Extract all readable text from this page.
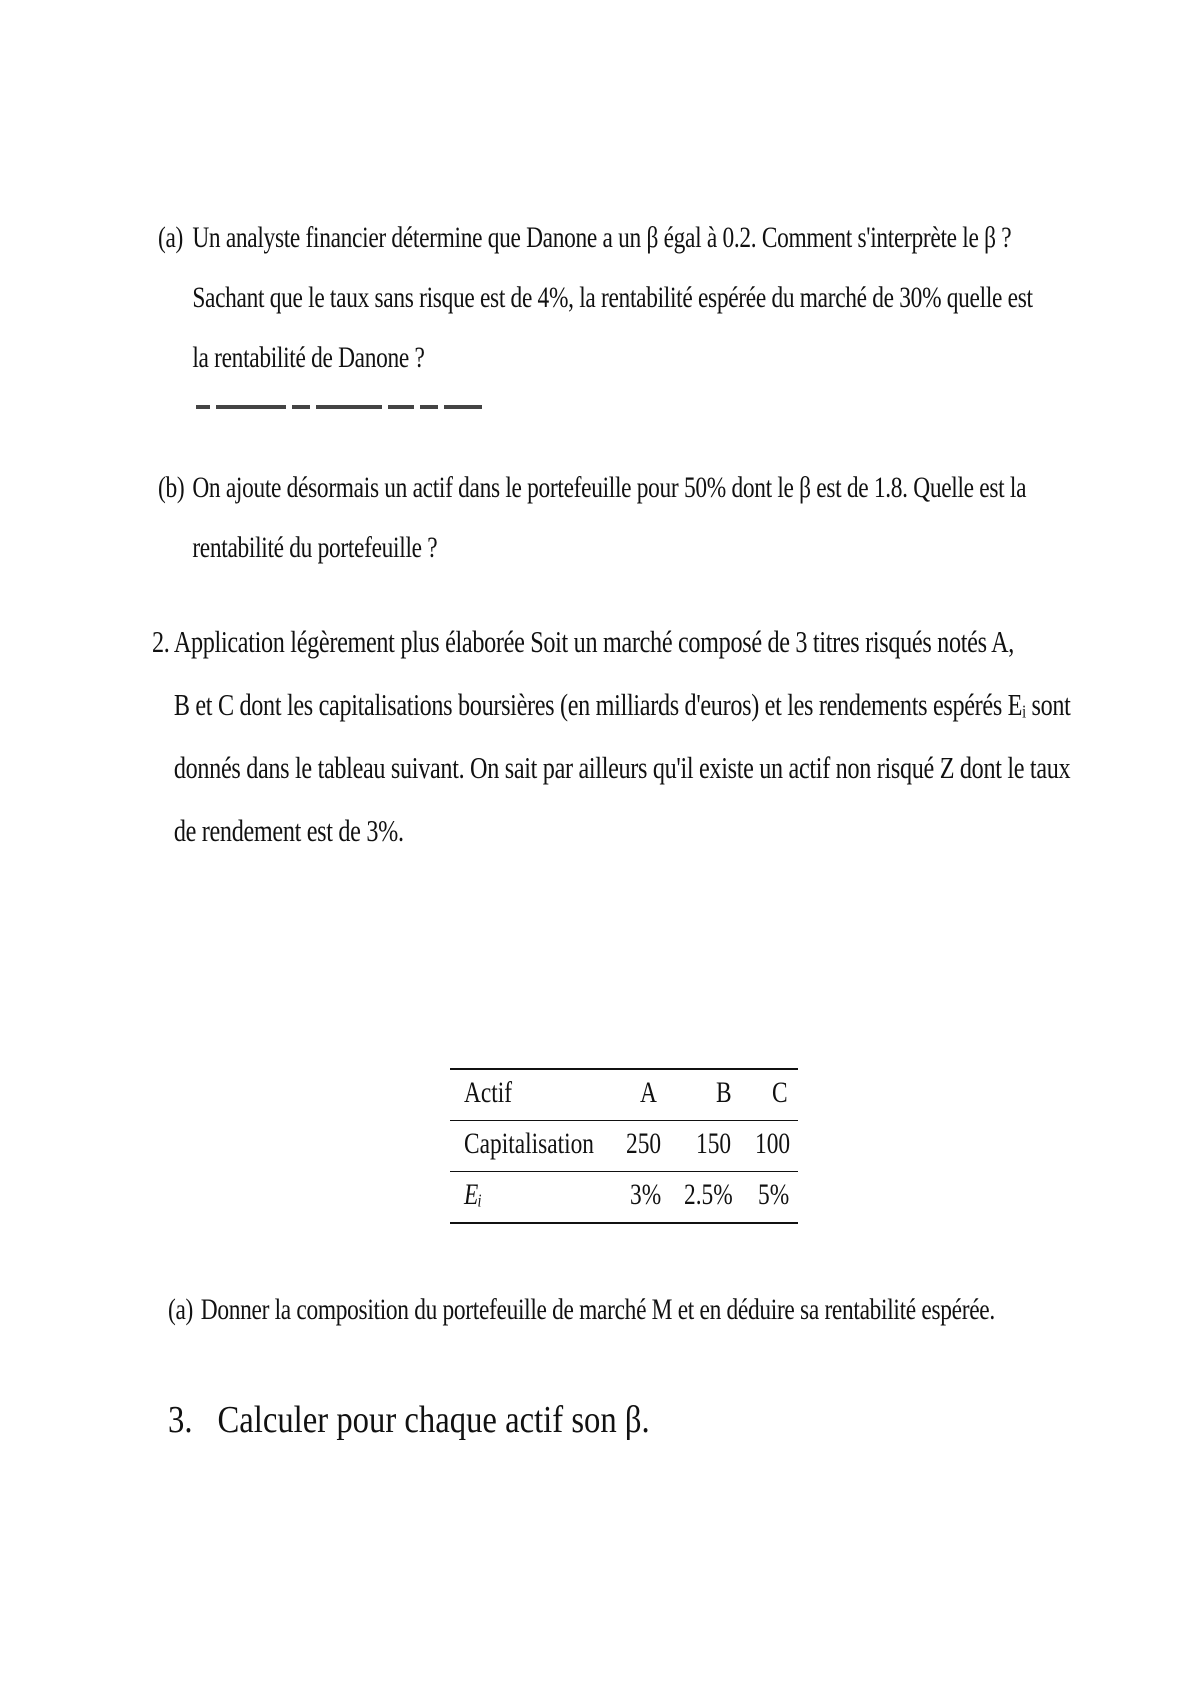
(a) Un analyste financier détermine que Danone a un β égal à 0.2. Comment s'interprète le β ?
Sachant que le taux sans risque est de 4%, la rentabilité espérée du marché de 30% quelle est
la rentabilité de Danone ?
(b) On ajoute désormais un actif dans le portefeuille pour 50% dont le β est de 1.8. Quelle est la
rentabilité du portefeuille ?
2. Application légèrement plus élaborée Soit un marché composé de 3 titres risqués notés A,
B et C dont les capitalisations boursières (en milliards d'euros) et les rendements espérés Eᵢ sont
donnés dans le tableau suivant. On sait par ailleurs qu'il existe un actif non risqué Z dont le taux
de rendement est de 3%.
Actif	A B C
Capitalisation 250 150 100
Eᵢ	3% 2.5% 5%
(a) Donner la composition du portefeuille de marché M et en déduire sa rentabilité espérée.
3. Calculer pour chaque actif son β.
